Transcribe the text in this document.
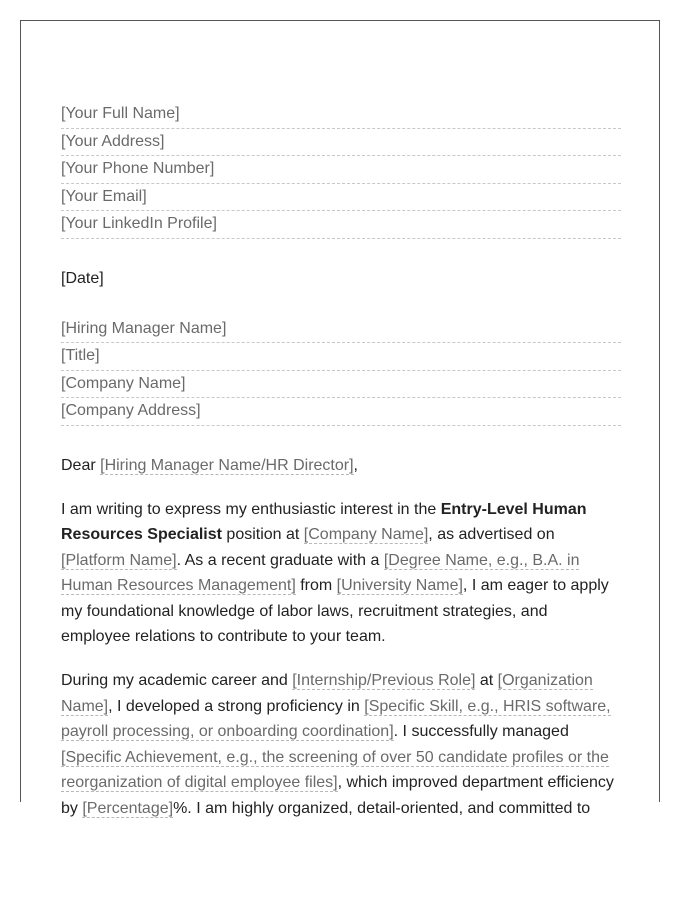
[Your Full Name]
[Your Address]
[Your Phone Number]
[Your Email]
[Your LinkedIn Profile]
[Date]
[Hiring Manager Name]
[Title]
[Company Name]
[Company Address]
Dear [Hiring Manager Name/HR Director],

I am writing to express my enthusiastic interest in the Entry-Level Human Resources Specialist position at [Company Name], as advertised on [Platform Name]. As a recent graduate with a [Degree Name, e.g., B.A. in Human Resources Management] from [University Name], I am eager to apply my foundational knowledge of labor laws, recruitment strategies, and employee relations to contribute to your team.

During my academic career and [Internship/Previous Role] at [Organization Name], I developed a strong proficiency in [Specific Skill, e.g., HRIS software, payroll processing, or onboarding coordination]. I successfully managed [Specific Achievement, e.g., the screening of over 50 candidate profiles or the reorganization of digital employee files], which improved department efficiency by [Percentage]%. I am highly organized, detail-oriented, and committed to
